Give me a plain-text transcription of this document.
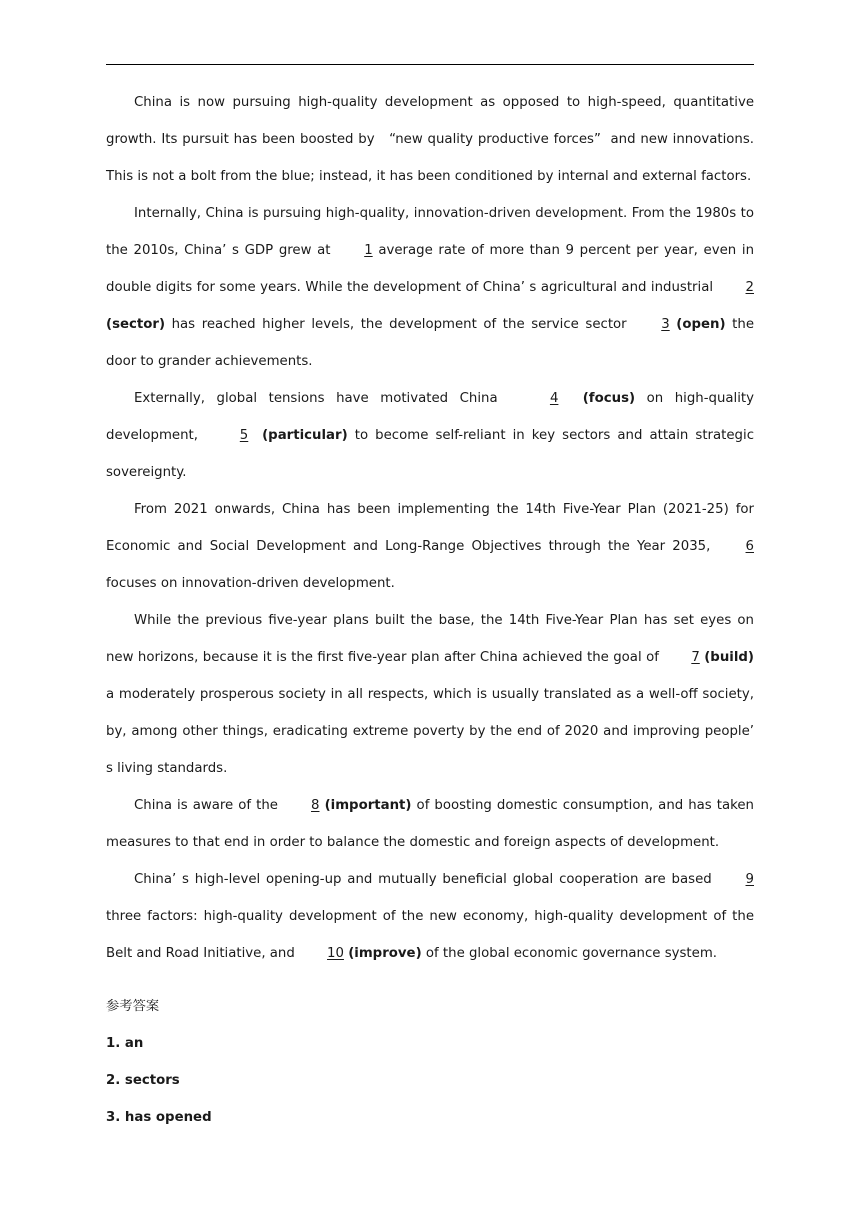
China is now pursuing high-quality development as opposed to high-speed, quantitative growth. Its pursuit has been boosted by   “new quality productive forces”  and new innovations. This is not a bolt from the blue; instead, it has been conditioned by internal and external factors.

Internally, China is pursuing high-quality, innovation-driven development. From the 1980s to the 2010s, China’ s GDP grew at 1 average rate of more than 9 percent per year, even in double digits for some years. While the development of China’ s agricultural and industrial 2 (sector) has reached higher levels, the development of the service sector 3 (open) the door to grander achievements.

Externally, global tensions have motivated China	4 (focus) on high-quality development,	5 (particular) to become self-reliant in key sectors and attain strategic sovereignty.

From 2021 onwards, China has been implementing the 14th Five-Year Plan (2021-25) for Economic and Social Development and Long-Range Objectives through the Year 2035, 6 focuses on innovation-driven development.

While the previous five-year plans built the base, the 14th Five-Year Plan has set eyes on new horizons, because it is the first five-year plan after China achieved the goal of 7 (build) a moderately prosperous society in all respects, which is usually translated as a well-off society, by, among other things, eradicating extreme poverty by the end of 2020 and improving people’ s living standards.

China is aware of the 8 (important) of boosting domestic consumption, and has taken measures to that end in order to balance the domestic and foreign aspects of development.

China’ s high-level opening-up and mutually beneficial global cooperation are based 9 three factors: high-quality development of the new economy, high-quality development of the Belt and Road Initiative, and 10 (improve) of the global economic governance system.

参考答案

1. an

2. sectors

3. has opened
